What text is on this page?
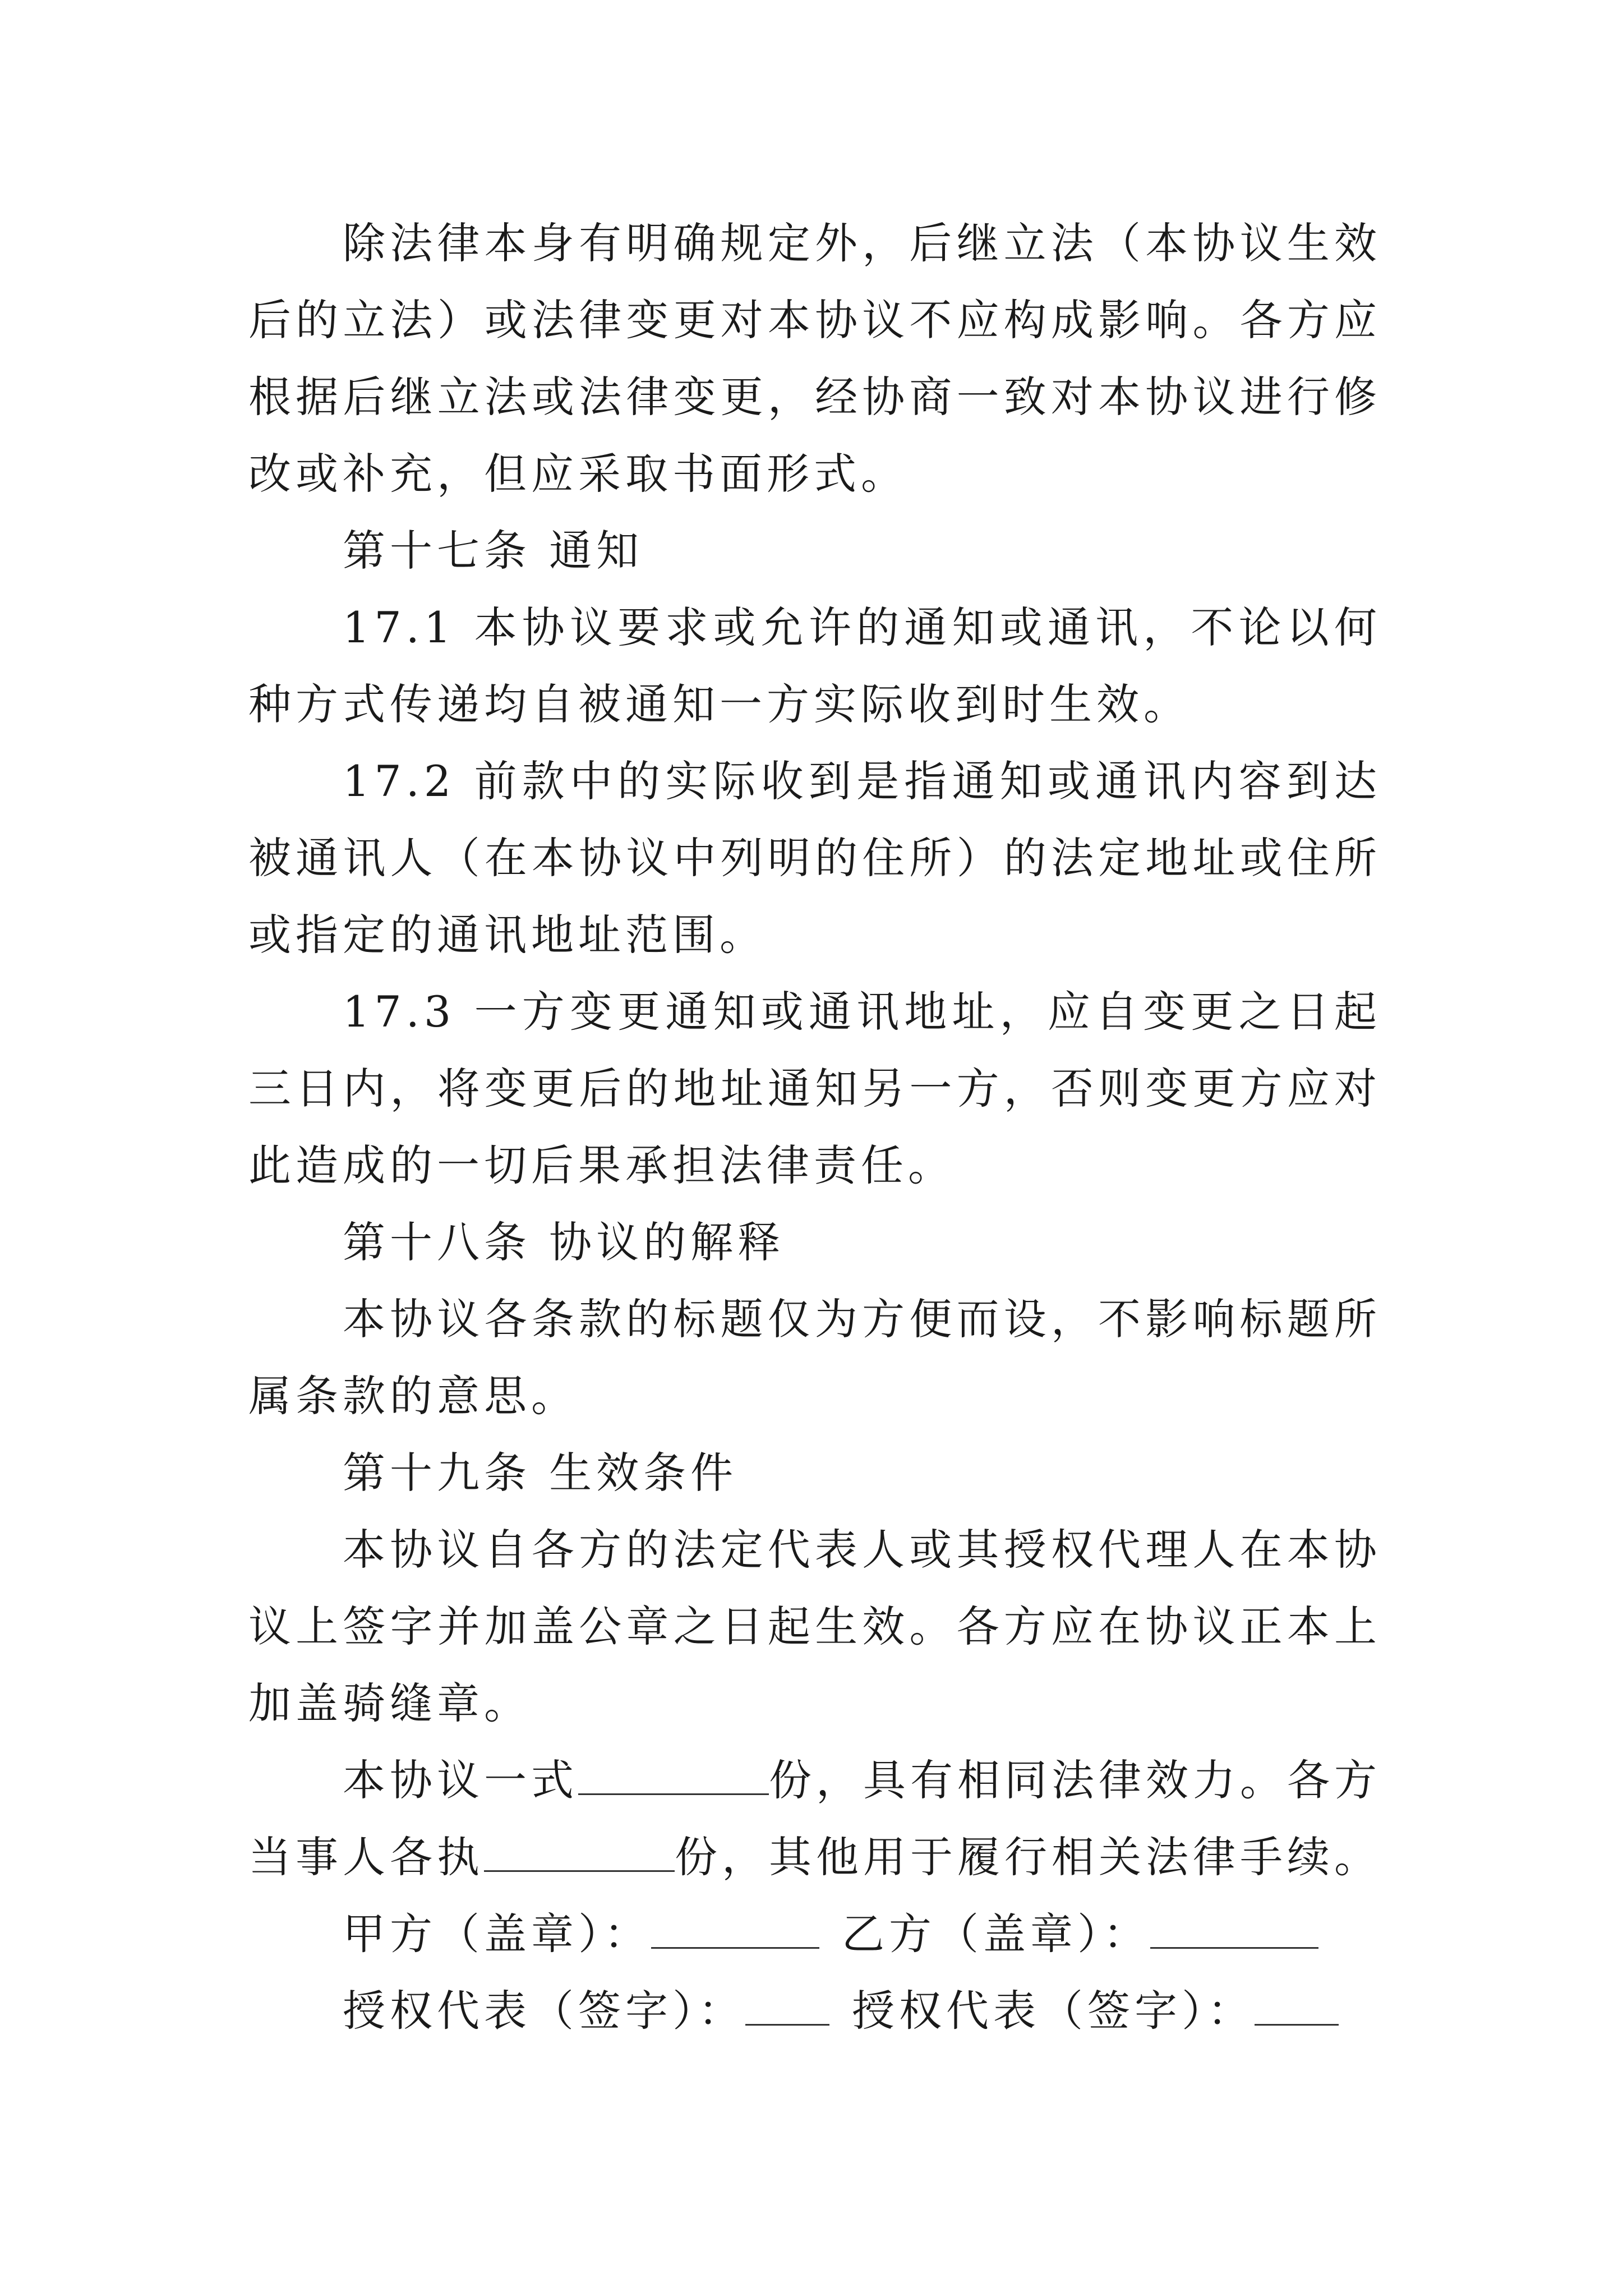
除法律本身有明确规定外，后继立法（本协议生效后的立法）或法律变更对本协议不应构成影响。各方应根据后继立法或法律变更，经协商一致对本协议进行修改或补充，但应采取书面形式。

第十七条 通知

17.1 本协议要求或允许的通知或通讯，不论以何种方式传递均自被通知一方实际收到时生效。

17.2 前款中的实际收到是指通知或通讯内容到达被通讯人（在本协议中列明的住所）的法定地址或住所或指定的通讯地址范围。

17.3 一方变更通知或通讯地址，应自变更之日起三日内，将变更后的地址通知另一方，否则变更方应对此造成的一切后果承担法律责任。

第十八条 协议的解释

本协议各条款的标题仅为方便而设，不影响标题所属条款的意思。

第十九条 生效条件

本协议自各方的法定代表人或其授权代理人在本协议上签字并加盖公章之日起生效。各方应在协议正本上加盖骑缝章。

本协议一式	份，具有相同法律效力。各方当事人各执	份，其他用于履行相关法律手续。

甲方（盖章）：	乙方（盖章）：

授权代表（签字）：	授权代表（签字）：
